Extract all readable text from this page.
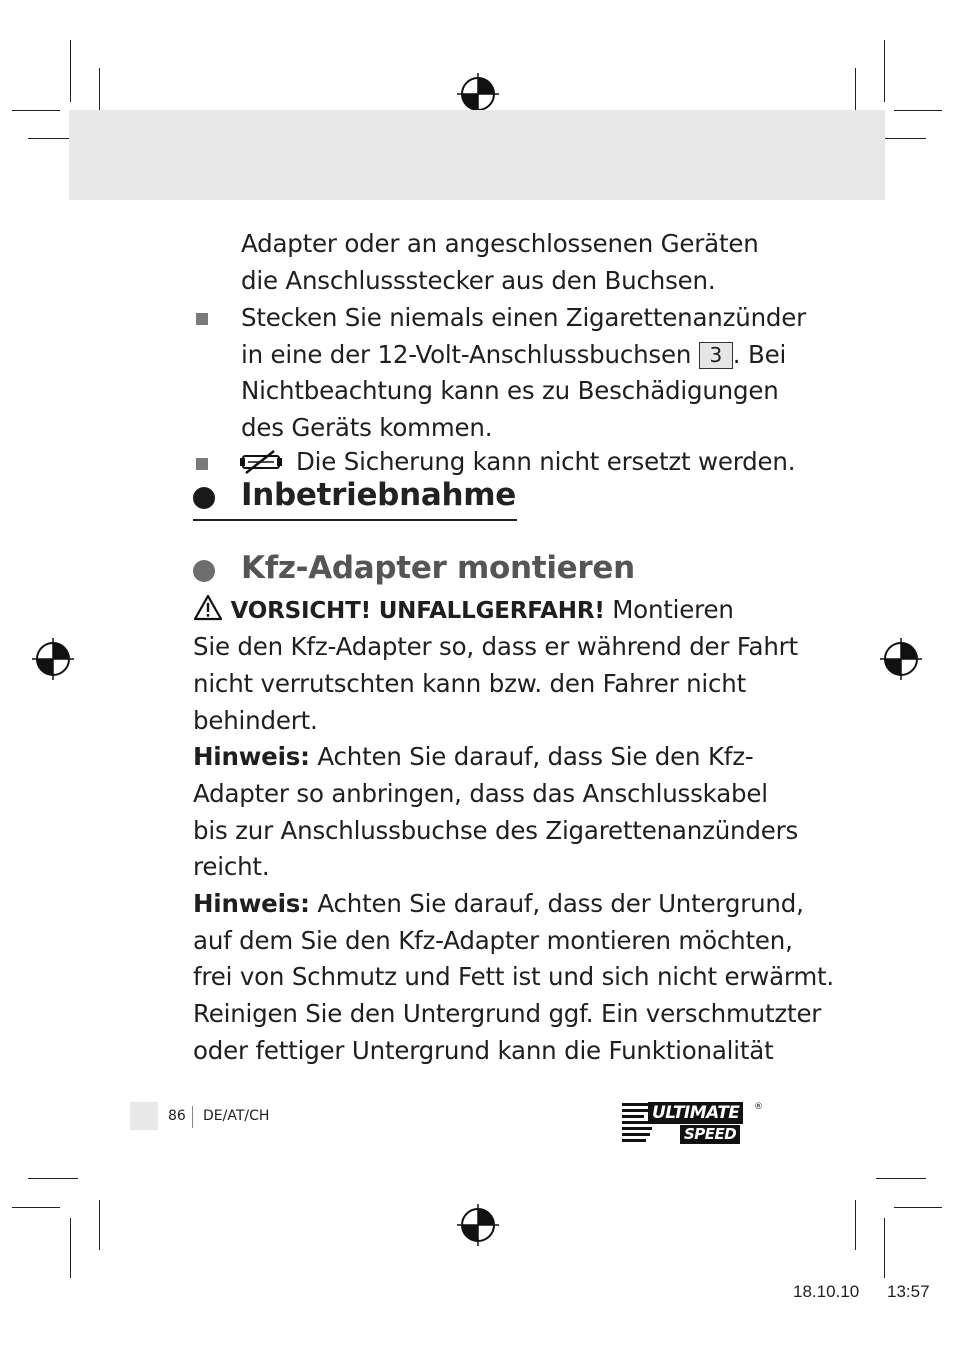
Adapter oder an angeschlossenen Geräten
die Anschlussstecker aus den Buchsen.
Stecken Sie niemals einen Zigarettenanzünder
in eine der 12-Volt-Anschlussbuchsen 3 . Bei
Nichtbeachtung kann es zu Beschädigungen
des Geräts kommen.
Die Sicherung kann nicht ersetzt werden.
Inbetriebnahme
Kfz-Adapter montieren
VORSICHT! UNFALLGERFAHR! Montieren
Sie den Kfz-Adapter so, dass er während der Fahrt
nicht verrutschten kann bzw. den Fahrer nicht
behindert.
Hinweis: Achten Sie darauf, dass Sie den Kfz-
Adapter so anbringen, dass das Anschlusskabel
bis zur Anschlussbuchse des Zigarettenanzünders
reicht.
Hinweis: Achten Sie darauf, dass der Untergrund,
auf dem Sie den Kfz-Adapter montieren möchten,
frei von Schmutz und Fett ist und sich nicht erwärmt.
Reinigen Sie den Untergrund ggf. Ein verschmutzter
oder fettiger Untergrund kann die Funktionalität
86 DE/AT/CH	ULTIMATE
SPEED
®
18.10.10 13:57
